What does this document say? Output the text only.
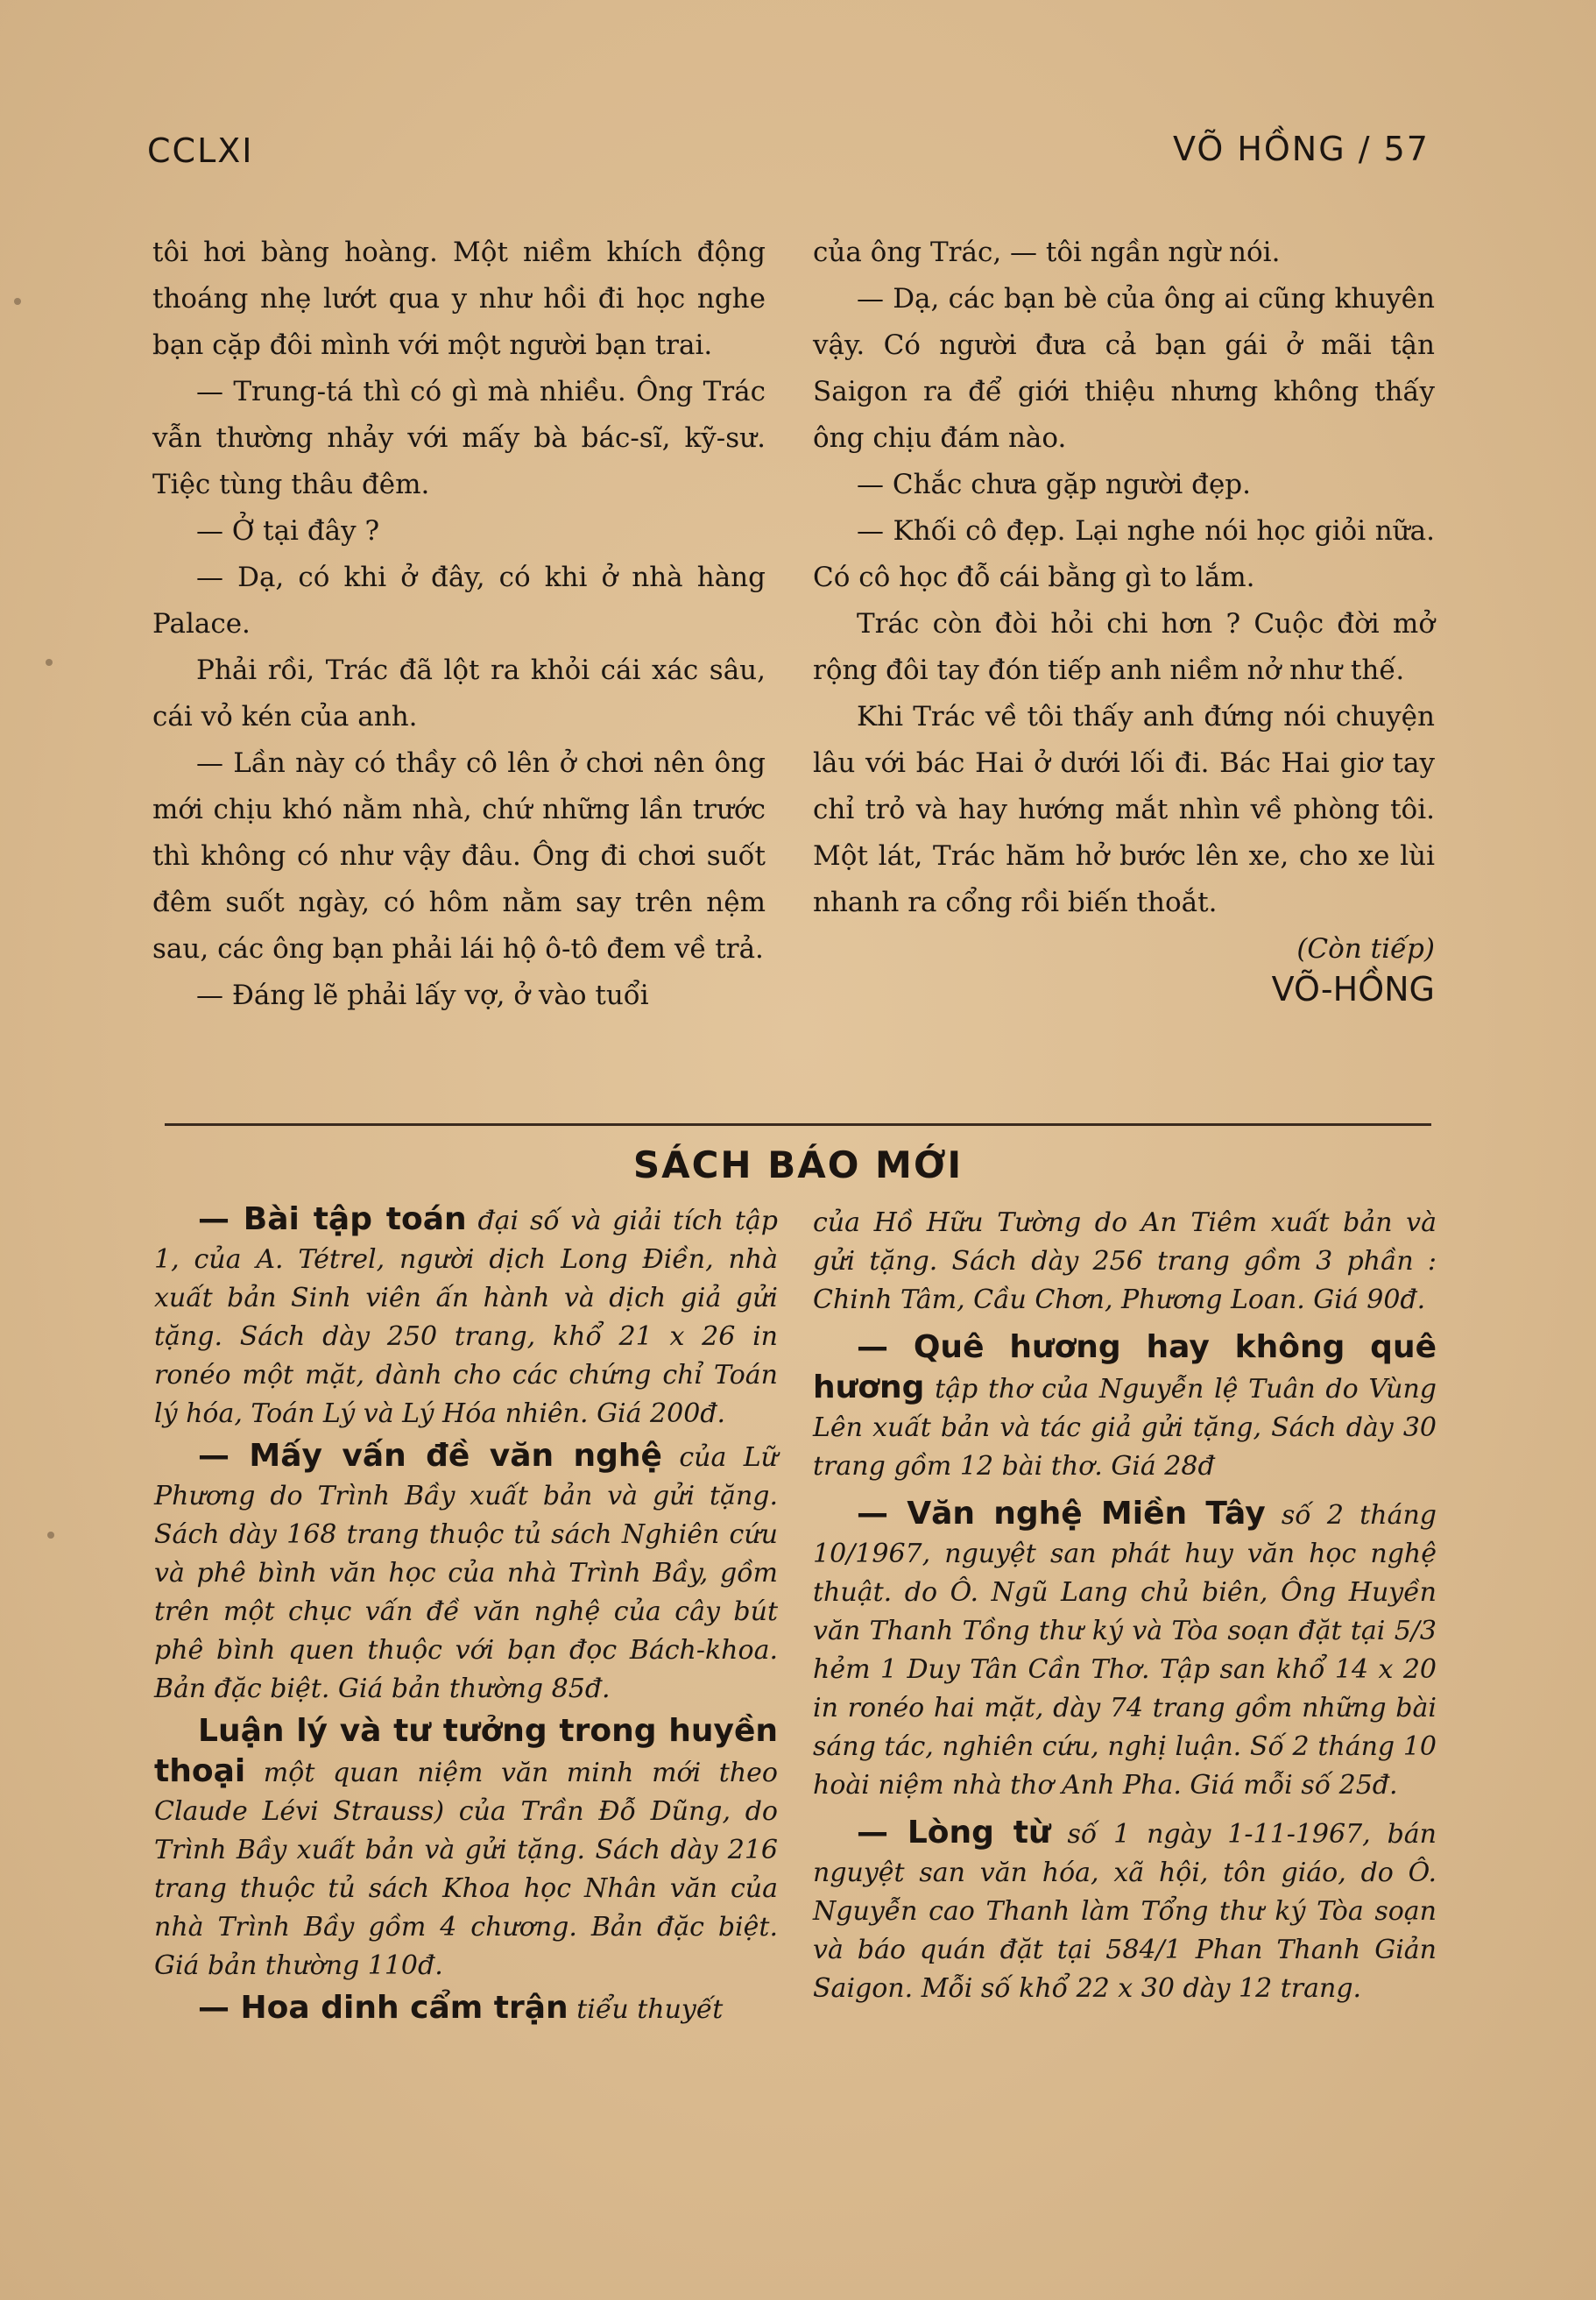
CCLXI	VÕ HỒNG / 57

tôi hơi bàng hoàng. Một niềm khích động thoáng nhẹ lướt qua y như hồi đi học nghe bạn cặp đôi mình với một người bạn trai.

— Trung-tá thì có gì mà nhiều. Ông Trác vẫn thường nhảy với mấy bà bác-sĩ, kỹ-sư. Tiệc tùng thâu đêm.

— Ở tại đây ?

— Dạ, có khi ở đây, có khi ở nhà hàng Palace.

Phải rồi, Trác đã lột ra khỏi cái xác sâu, cái vỏ kén của anh.

— Lần này có thầy cô lên ở chơi nên ông mới chịu khó nằm nhà, chứ những lần trước thì không có như vậy đâu. Ông đi chơi suốt đêm suốt ngày, có hôm nằm say trên nệm sau, các ông bạn phải lái hộ ô-tô đem về trả.

— Đáng lẽ phải lấy vợ, ở vào tuổi

của ông Trác, — tôi ngần ngừ nói.

— Dạ, các bạn bè của ông ai cũng khuyên vậy. Có người đưa cả bạn gái ở mãi tận Saigon ra để giới thiệu nhưng không thấy ông chịu đám nào.

— Chắc chưa gặp người đẹp.

— Khối cô đẹp. Lại nghe nói học giỏi nữa. Có cô học đỗ cái bằng gì to lắm.

Trác còn đòi hỏi chi hơn ? Cuộc đời mở rộng đôi tay đón tiếp anh niềm nở như thế.

Khi Trác về tôi thấy anh đứng nói chuyện lâu với bác Hai ở dưới lối đi. Bác Hai giơ tay chỉ trỏ và hay hướng mắt nhìn về phòng tôi. Một lát, Trác hăm hở bước lên xe, cho xe lùi nhanh ra cổng rồi biến thoắt.

(Còn tiếp)

VÕ-HỒNG

SÁCH BÁO MỚI

— Bài tập toán đại số và giải tích tập 1, của A. Tétrel, người dịch Long Điền, nhà xuất bản Sinh viên ấn hành và dịch giả gửi tặng. Sách dày 250 trang, khổ 21 x 26 in ronéo một mặt, dành cho các chứng chỉ Toán lý hóa, Toán Lý và Lý Hóa nhiên. Giá 200đ.

— Mấy vấn đề văn nghệ của Lữ Phương do Trình Bầy xuất bản và gửi tặng. Sách dày 168 trang thuộc tủ sách Nghiên cứu và phê bình văn học của nhà Trình Bầy, gồm trên một chục vấn đề văn nghệ của cây bút phê bình quen thuộc với bạn đọc Bách-khoa. Bản đặc biệt. Giá bản thường 85đ.

Luận lý và tư tưởng trong huyền thoại một quan niệm văn minh mới theo Claude Lévi Strauss) của Trần Đỗ Dũng, do Trình Bầy xuất bản và gửi tặng. Sách dày 216 trang thuộc tủ sách Khoa học Nhân văn của nhà Trình Bầy gồm 4 chương. Bản đặc biệt. Giá bản thường 110đ.

— Hoa dinh cẩm trận tiểu thuyết

của Hồ Hữu Tường do An Tiêm xuất bản và gửi tặng. Sách dày 256 trang gồm 3 phần : Chinh Tâm, Cầu Chơn, Phương Loan. Giá 90đ.

— Quê hương hay không quê hương tập thơ của Nguyễn lệ Tuân do Vùng Lên xuất bản và tác giả gửi tặng, Sách dày 30 trang gồm 12 bài thơ. Giá 28đ

— Văn nghệ Miền Tây số 2 tháng 10/1967, nguyệt san phát huy văn học nghệ thuật. do Ô. Ngũ Lang chủ biên, Ông Huyền văn Thanh Tồng thư ký và Tòa soạn đặt tại 5/3 hẻm 1 Duy Tân Cần Thơ. Tập san khổ 14 x 20 in ronéo hai mặt, dày 74 trang gồm những bài sáng tác, nghiên cứu, nghị luận. Số 2 tháng 10 hoài niệm nhà thơ Anh Pha. Giá mỗi số 25đ.

— Lòng từ số 1 ngày 1-11-1967, bán nguyệt san văn hóa, xã hội, tôn giáo, do Ô. Nguyễn cao Thanh làm Tổng thư ký Tòa soạn và báo quán đặt tại 584/1 Phan Thanh Giản Saigon. Mỗi số khổ 22 x 30 dày 12 trang.
